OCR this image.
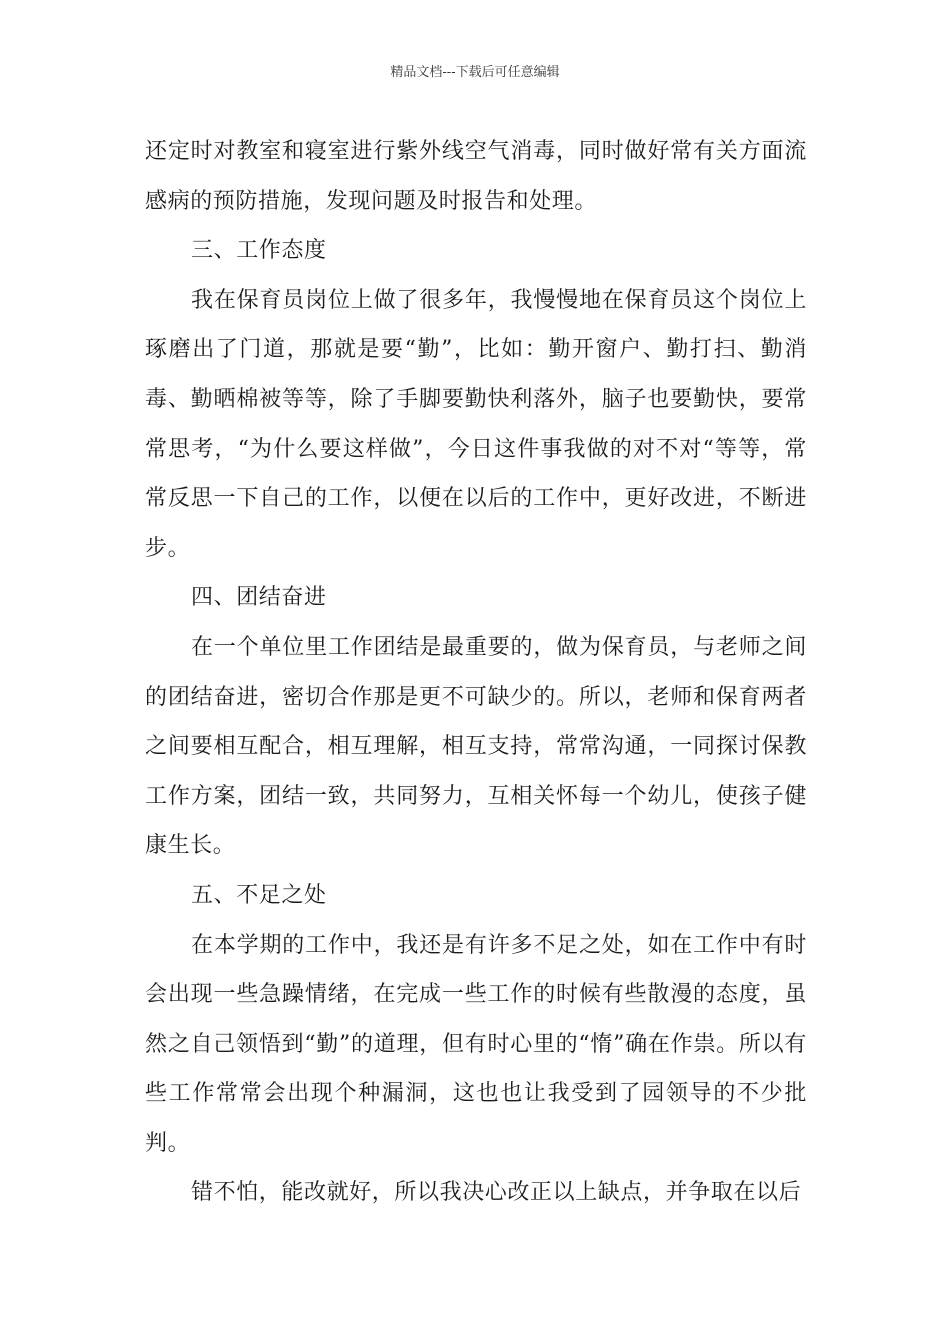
精品文档---下载后可任意编辑

还定时对教室和寝室进行紫外线空气消毒，同时做好常有关方面流感病的预防措施，发现问题及时报告和处理。

三、工作态度

我在保育员岗位上做了很多年，我慢慢地在保育员这个岗位上琢磨出了门道，那就是要“勤”，比如：勤开窗户、勤打扫、勤消毒、勤晒棉被等等，除了手脚要勤快利落外，脑子也要勤快，要常常思考，“为什么要这样做”，今日这件事我做的对不对“等等，常常反思一下自己的工作，以便在以后的工作中，更好改进，不断进步。

四、团结奋进

在一个单位里工作团结是最重要的，做为保育员，与老师之间的团结奋进，密切合作那是更不可缺少的。所以，老师和保育两者之间要相互配合，相互理解，相互支持，常常沟通，一同探讨保教工作方案，团结一致，共同努力，互相关怀每一个幼儿，使孩子健康生长。

五、不足之处

在本学期的工作中，我还是有许多不足之处，如在工作中有时会出现一些急躁情绪，在完成一些工作的时候有些散漫的态度，虽然之自己领悟到“勤”的道理，但有时心里的“惰”确在作祟。所以有些工作常常会出现个种漏洞，这也也让我受到了园领导的不少批判。

错不怕，能改就好，所以我决心改正以上缺点，并争取在以后
